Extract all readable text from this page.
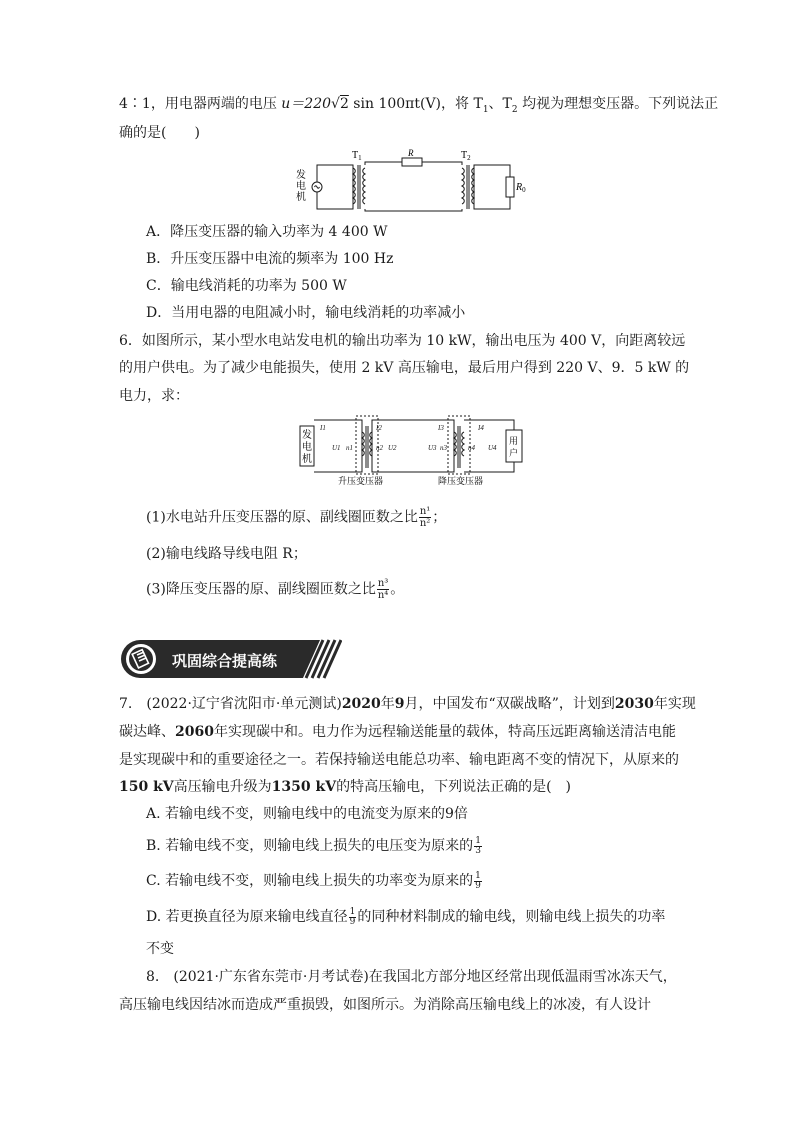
4∶1，用电器两端的电压 u＝220√2 sin 100πt(V)，将 $T_1$、$T_2$ 均视为理想变压器。下列说法正
确的是(　　)
发
电
机
$T_1$	R	$T_2$
$R_0$
A．降压变压器的输入功率为 4 400 W
B．升压变压器中电流的频率为 100 Hz
C．输电线消耗的功率为 500 W
D．当用电器的电阻减小时，输电线消耗的功率减小
6．如图所示，某小型水电站发电机的输出功率为 10 kW，输出电压为 400 V，向距离较远
的用户供电。为了减少电能损失，使用 2 kV 高压输电，最后用户得到 220 V、9．5 kW 的
电力，求：
发
电
机
用
户
I1
U1 n1
I2
n2 U2
I3
U3 n3
I4
n4 U4
升压变压器	降压变压器
(1)水电站升压变压器的原、副线圈匝数之比 $\frac{\text{n¹}}{\text{n²}}$ ；
(2)输电线路导线电阻 R；
(3)降压变压器的原、副线圈匝数之比 $\frac{\text{n³}}{\text{n⁴}}$ 。
巩固综合提高练
7.　(2022·辽宁省沈阳市·单元测试)2020年9月，中国发布“双碳战略”，计划到2030年实现
碳达峰、2060年实现碳中和。电力作为远程输送能量的载体，特高压远距离输送清洁电能
是实现碳中和的重要途径之一。若保持输送电能总功率、输电距离不变的情况下，从原来的
150 kV高压输电升级为1350 kV的特高压输电，下列说法正确的是(　)
A. 若输电线不变，则输电线中的电流变为原来的9倍
B. 若输电线不变，则输电线上损失的电压变为原来的 $\frac{1}{3}$
C. 若输电线不变，则输电线上损失的功率变为原来的 $\frac{1}{9}$
D. 若更换直径为原来输电线直径 $\frac{1}{9}$ 的同种材料制成的输电线，则输电线上损失的功率
不变
8.　(2021·广东省东莞市·月考试卷)在我国北方部分地区经常出现低温雨雪冰冻天气，
高压输电线因结冰而造成严重损毁，如图所示。为消除高压输电线上的冰凌，有人设计
